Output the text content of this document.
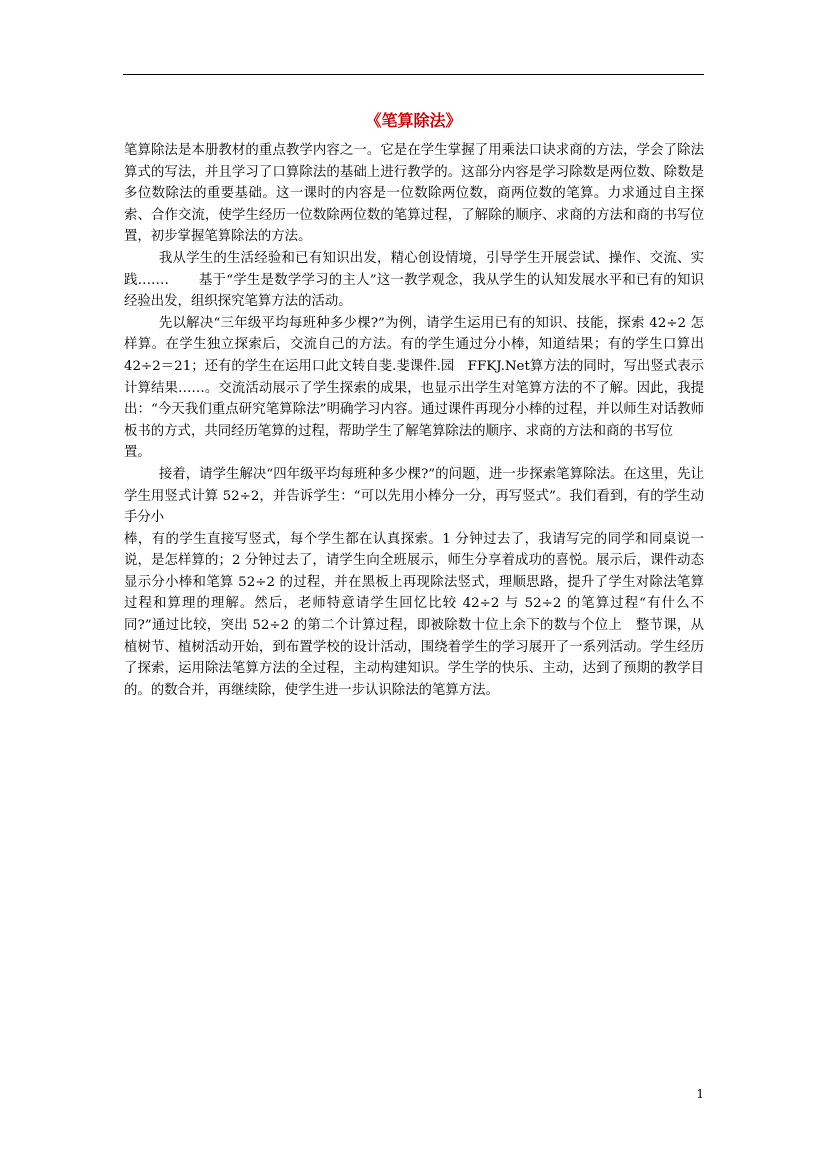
《笔算除法》

笔算除法是本册教材的重点教学内容之一。它是在学生掌握了用乘法口诀求商的方法，学会了除法算式的写法，并且学习了口算除法的基础上进行教学的。这部分内容是学习除数是两位数、除数是多位数除法的重要基础。这一课时的内容是一位数除两位数，商两位数的笔算。力求通过自主探索、合作交流，使学生经历一位数除两位数的笔算过程，了解除的顺序、求商的方法和商的书写位置，初步掌握笔算除法的方法。

我从学生的生活经验和已有知识出发，精心创设情境，引导学生开展尝试、操作、交流、实践……．　　基于“学生是数学学习的主人”这一教学观念，我从学生的认知发展水平和已有的知识经验出发，组织探究笔算方法的活动。

先以解决“三年级平均每班种多少棵?”为例，请学生运用已有的知识、技能，探索 42÷2 怎样算。在学生独立探索后，交流自己的方法。有的学生通过分小棒，知道结果；有的学生口算出 42÷2＝21；还有的学生在运用口此文转自斐.斐课件.园　FFKJ.Net算方法的同时，写出竖式表示计算结果……。交流活动展示了学生探索的成果，也显示出学生对笔算方法的不了解。因此，我提出：“今天我们重点研究笔算除法”明确学习内容。通过课件再现分小棒的过程，并以师生对话教师板书的方式，共同经历笔算的过程，帮助学生了解笔算除法的顺序、求商的方法和商的书写位

置。

接着，请学生解决“四年级平均每班种多少棵?”的问题，进一步探索笔算除法。在这里，先让学生用竖式计算 52÷2，并告诉学生：“可以先用小棒分一分，再写竖式”。我们看到，有的学生动手分小

棒，有的学生直接写竖式，每个学生都在认真探索。1 分钟过去了，我请写完的同学和同桌说一说，是怎样算的；2 分钟过去了，请学生向全班展示，师生分享着成功的喜悦。展示后，课件动态显示分小棒和笔算 52÷2 的过程，并在黑板上再现除法竖式，理顺思路，提升了学生对除法笔算过程和算理的理解。然后，老师特意请学生回忆比较 42÷2 与 52÷2 的笔算过程“有什么不同?”通过比较，突出 52÷2 的第二个计算过程，即被除数十位上余下的数与个位上　整节课，从植树节、植树活动开始，到布置学校的设计活动，围绕着学生的学习展开了一系列活动。学生经历了探索，运用除法笔算方法的全过程，主动构建知识。学生学的快乐、主动，达到了预期的教学目的。的数合并，再继续除，使学生进一步认识除法的笔算方法。

1
